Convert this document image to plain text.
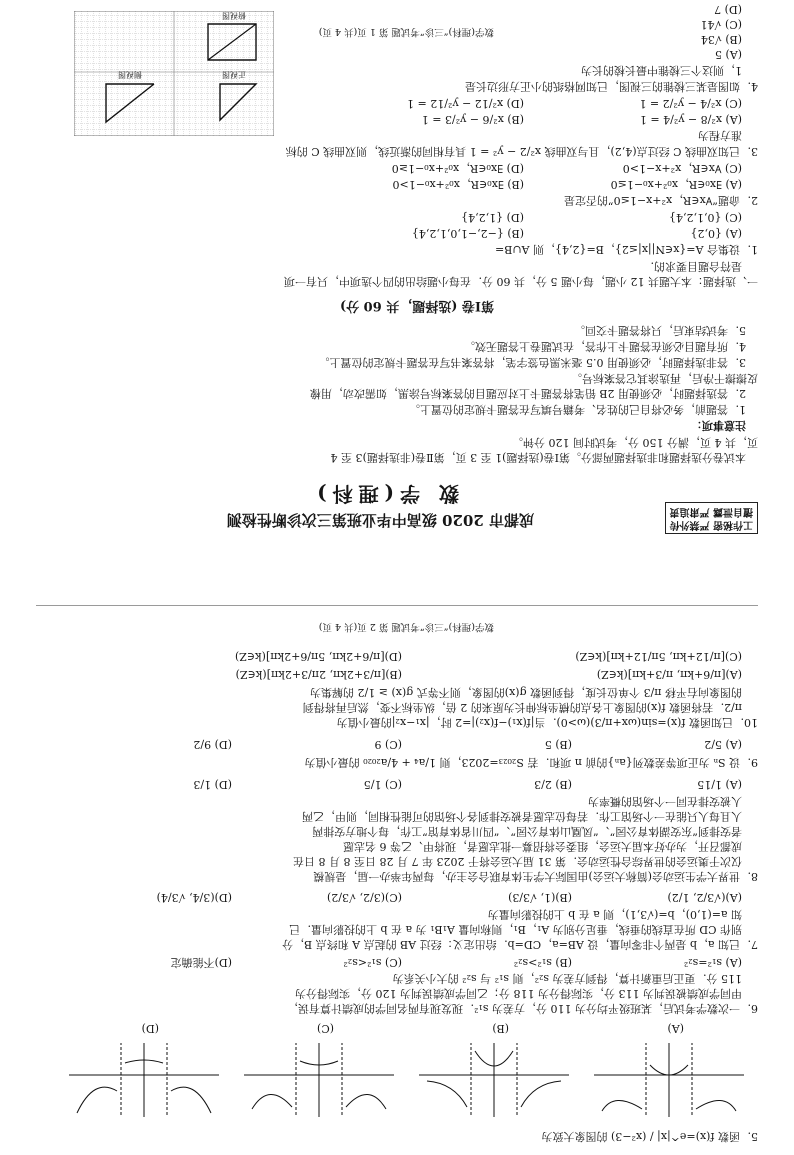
工作秘密 严禁外传
擅自泄露 严肃追责
成都市 2020 级高中毕业班第三次诊断性检测
数 学(理科)
本试卷分选择题和非选择题两部分。第Ⅰ卷(选择题)1 至 3 页，第Ⅱ卷(非选择题)3 至 4
页，共 4 页，满分 150 分，考试时间 120 分钟。
注意事项：
1．答题前，务必将自己的姓名、考籍号填写在答题卡规定的位置上。
2．答选择题时，必须使用 2B 铅笔将答题卡上对应题目的答案标号涂黑，如需改动，用橡
皮擦擦干净后，再选涂其它答案标号。
3．答非选择题时，必须使用 0.5 毫米黑色签字笔，将答案书写在答题卡规定的位置上。
4．所有题目必须在答题卡上作答，在试题卷上答题无效。
5．考试结束后，只将答题卡交回。
第Ⅰ卷 (选择题，共 60 分)
一、选择题：本大题共 12 小题，每小题 5 分，共 60 分．在每小题给出的四个选项中，只有一项
是符合题目要求的．
1．设集合 A={x∈N||x|≤2}，B={2,4}，则 A∪B=
(A) {0,2}
(B) {−2,−1,0,1,2,4}
(C) {0,1,2,4}
(D) {1,2,4}
2．命题“∀x∈R，x²+x−1≤0”的否定是
(A) ∃x₀∈R，x₀²+x₀−1≤0
(B) ∃x₀∈R，x₀²+x₀−1>0
(C) ∀x∈R，x²+x−1>0
(D) ∃x₀∈R，x₀²+x₀−1≥0
3．已知双曲线 C 经过点(4,2)，且与双曲线 x²/2 − y² = 1 具有相同的渐近线，则双曲线 C 的标
准方程为
(A) x²/8 − y²/4 = 1
(B) x²/6 − y²/3 = 1
(C) x²/4 − y²/2 = 1
(D) x²/12 − y²/12 = 1
4．如图是某三棱锥的三视图，已知网格纸的小正方形边长是
1，则这个三棱锥中最长棱的长为
(A) 5
(B) √34
(C) √41
(D) 7
正视图
侧视图
俯视图
数学(理科)“三诊”考试题 第 1 页(共 4 页)
5．函数 f(x)=e^|x| / (x²−3) 的图象大致为
(A)
(B)
(C)
(D)
6．一次数学考试后，某班级平均分为 110 分，方差为 s₁²．现发现有两名同学的成绩计算有误，
甲同学成绩被误判为 113 分，实际得分为 118 分；乙同学成绩误判为 120 分，实际得分为
115 分．更正后重新计算，得到方差为 s₂²，则 s₁² 与 s₂² 的大小关系为
(A) s₁²=s₂²
(B) s₁²>s₂²
(C) s₁²<s₂²
(D)不能确定
7．已知 a，b 是两个非零向量，设 AB=a，CD=b．给出定义：经过 AB 的起点 A 和终点 B，分
别作 CD 所在直线的垂线，垂足分别为 A₁，B₁，则称向量 A₁B₁ 为 a 在 b 上的投影向量．已
知 a=(1,0)，b=(√3,1)，则 a 在 b 上的投影向量为
(A)(√3/2, 1/2)
(B)(1, √3/3)
(C)(3/2, √3/2)
(D)(3/4, √3/4)
8．世界大学生运动会(简称大运会)由国际大学生体育联合会主办，每两年举办一届，是规模
仅次于奥运会的世界综合性运动会．第 31 届大运会将于 2023 年 7 月 28 日至 8 月 8 日在
成都召开，为办好本届大运会，组委会将招募一批志愿者，现将甲、乙等 6 名志愿
者安排到“东安湖体育公园”、“凤凰山体育公园”、“四川省体育馆”工作，每个地方安排两
人且每人只能在一个场馆工作．若每位志愿者被安排到各个场馆的可能性相同，则甲，乙两
人被安排在同一个场馆的概率为
(A) 1/15
(B) 2/3
(C) 1/5
(D) 1/3
9．设 Sₙ 为正项等差数列{aₙ}的前 n 项和．若 S₂₀₂₃=2023，则 1/a₄ + 4/a₂₀₂₀ 的最小值为
(A) 5/2
(B) 5
(C) 9
(D) 9/2
10．已知函数 f(x)=sin(ωx+π/3)(ω>0)．当|f(x₁)−f(x₂)|=2 时，|x₁−x₂|的最小值为
π/2．若将函数 f(x)的图象上各点的横坐标伸长为原来的 2 倍，纵坐标不变，然后再将得到
的图象向右平移 π/3 个单位长度，得到函数 g(x)的图象，则不等式 g(x) ≥ 1/2 的解集为
(A)[π/6+kπ, π/3+kπ](k∈Z)
(B)[π/3+2kπ, 2π/3+2kπ](k∈Z)
(C)[π/12+kπ, 5π/12+kπ](k∈Z)
(D)[π/6+2kπ, 5π/6+2kπ](k∈Z)
数学(理科)“三诊”考试题 第 2 页(共 4 页)
